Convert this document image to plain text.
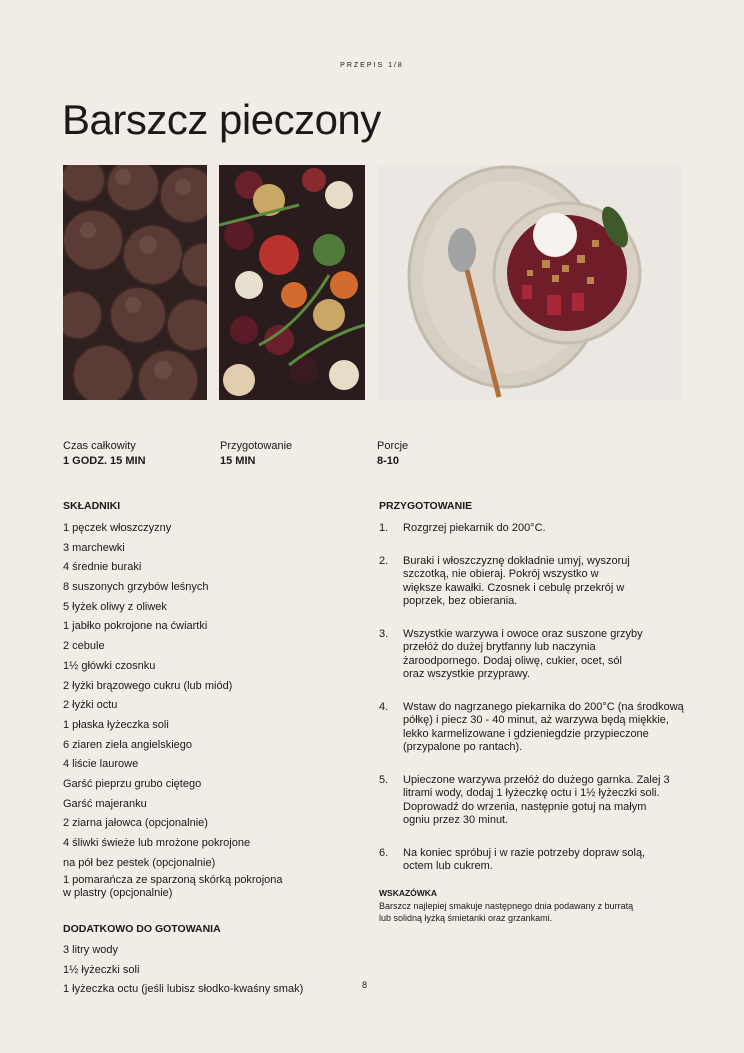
PRZEPIS 1/8
Barszcz pieczony
Czas całkowity
1 GODZ. 15 MIN
Przygotowanie
15 MIN
Porcje
8-10
SKŁADNIKI
1 pęczek włoszczyzny
3 marchewki
4 średnie buraki
8 suszonych grzybów leśnych
5 łyżek oliwy z oliwek
1 jabłko pokrojone na ćwiartki
2 cebule
1½ główki czosnku
2 łyżki brązowego cukru (lub miód)
2 łyżki octu
1 płaska łyżeczka soli
6 ziaren ziela angielskiego
4 liście laurowe
Garść pieprzu grubo ciętego
Garść majeranku
2 ziarna jałowca (opcjonalnie)
4 śliwki świeże lub mrożone pokrojone
na pół bez pestek (opcjonalnie)
1 pomarańcza ze sparzoną skórką pokrojona w plastry (opcjonalnie)
DODATKOWO DO GOTOWANIA
3 litry wody
1½ łyżeczki soli
1 łyżeczka octu (jeśli lubisz słodko-kwaśny smak)
PRZYGOTOWANIE
1. Rozgrzej piekarnik do 200°C.
2. Buraki i włoszczyznę dokładnie umyj, wyszoruj szczotką, nie obieraj. Pokrój wszystko w większe kawałki. Czosnek i cebulę przekrój w poprzek, bez obierania.
3. Wszystkie warzywa i owoce oraz suszone grzyby przełóż do dużej brytfanny lub naczynia żaroodpornego. Dodaj oliwę, cukier, ocet, sól oraz wszystkie przyprawy.
4. Wstaw do nagrzanego piekarnika do 200°C (na środkową półkę) i piecz 30 - 40 minut, aż warzywa będą miękkie, lekko karmelizowane i gdzieniegdzie przypieczone (przypalone po rantach).
5. Upieczone warzywa przełóż do dużego garnka. Zalej 3 litrami wody, dodaj 1 łyżeczkę octu i 1½ łyżeczki soli. Doprowadź do wrzenia, następnie gotuj na małym ogniu przez 30 minut.
6. Na koniec spróbuj i w razie potrzeby dopraw solą, octem lub cukrem.
WSKAZÓWKA
Barszcz najlepiej smakuje następnego dnia podawany z burratą lub solidną łyżką śmietanki oraz grzankami.
8
